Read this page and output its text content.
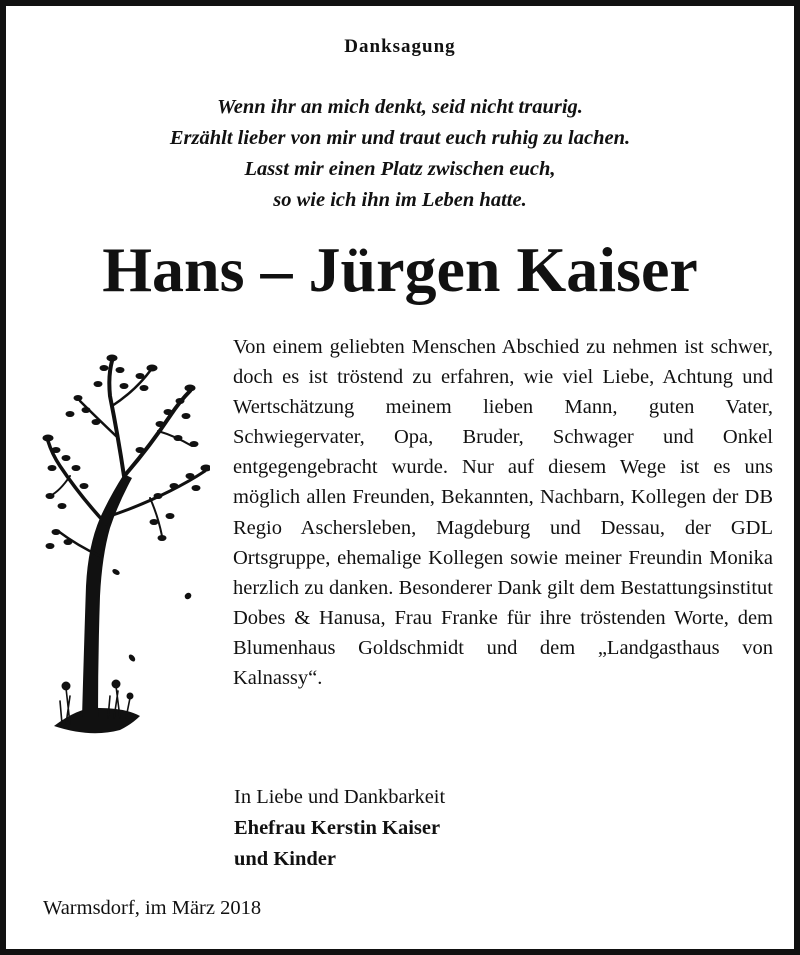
Danksagung
Wenn ihr an mich denkt, seid nicht traurig.
Erzählt lieber von mir und traut euch ruhig zu lachen.
Lasst mir einen Platz zwischen euch,
so wie ich ihn im Leben hatte.
Hans – Jürgen Kaiser
Von einem geliebten Menschen Abschied zu nehmen ist schwer, doch es ist tröstend zu erfahren, wie viel Liebe, Achtung und Wertschätzung meinem lieben Mann, guten Vater, Schwiegervater, Opa, Bruder, Schwager und Onkel entgegengebracht wurde. Nur auf diesem Wege ist es uns möglich allen Freunden, Bekannten, Nachbarn, Kollegen der DB Regio Aschersleben, Magdeburg und Dessau, der GDL Ortsgruppe, ehemalige Kollegen sowie meiner Freundin Monika herzlich zu danken. Besonderer Dank gilt dem Bestattungsinstitut Dobes & Hanusa, Frau Franke für ihre tröstenden Worte, dem Blumenhaus Goldschmidt und dem „Landgasthaus von Kalnassy“.
In Liebe und Dankbarkeit
Ehefrau Kerstin Kaiser
und Kinder
Warmsdorf, im März 2018
